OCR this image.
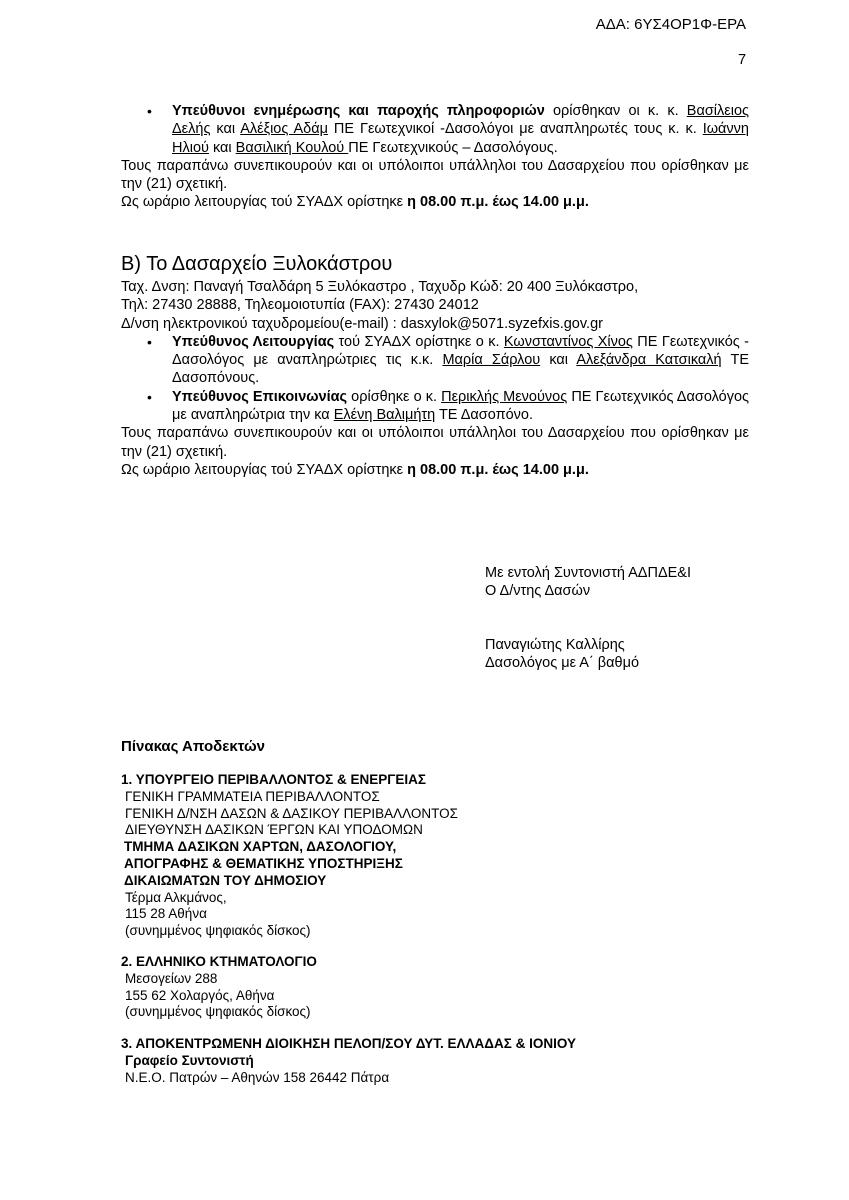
ΑΔΑ: 6ΥΣ4ΟΡ1Φ-ΕΡΑ
7
• Υπεύθυνοι ενημέρωσης και παροχής πληροφοριών ορίσθηκαν οι κ. κ. Βασίλειος Δελής και Αλέξιος Αδάμ ΠΕ Γεωτεχνικοί -Δασολόγοι με αναπληρωτές τους κ. κ. Ιωάννη Ηλιού και Βασιλική Κουλού ΠΕ Γεωτεχνικούς – Δασολόγους.
Τους παραπάνω συνεπικουρούν και οι υπόλοιποι υπάλληλοι του Δασαρχείου που ορίσθηκαν με την (21) σχετική.
Ως ωράριο λειτουργίας τού ΣΥΑΔΧ ορίστηκε η 08.00 π.μ. έως 14.00 μ.μ.
Β) Το Δασαρχείο Ξυλοκάστρου
Ταχ. Δνση: Παναγή Τσαλδάρη 5 Ξυλόκαστρο , Ταχυδρ Κώδ: 20 400 Ξυλόκαστρο,
Τηλ: 27430 28888, Τηλεομοιοτυπία (FAX): 27430 24012
Δ/νση ηλεκτρονικού ταχυδρομείου(e-mail) : dasxylok@5071.syzefxis.gov.gr
• Υπεύθυνος Λειτουργίας τού ΣΥΑΔΧ ορίστηκε ο κ. Κωνσταντίνος Χίνος ΠΕ Γεωτεχνικός - Δασολόγος με αναπληρώτριες τις κ.κ. Μαρία Σάρλου και Αλεξάνδρα Κατσικαλή ΤΕ Δασοπόνους.
• Υπεύθυνος Επικοινωνίας ορίσθηκε ο κ. Περικλής Μενούνος ΠΕ Γεωτεχνικός Δασολόγος με αναπληρώτρια την κα Ελένη Βαλιμήτη ΤΕ Δασοπόνο.
Τους παραπάνω συνεπικουρούν και οι υπόλοιποι υπάλληλοι του Δασαρχείου που ορίσθηκαν με την (21) σχετική.
Ως ωράριο λειτουργίας τού ΣΥΑΔΧ ορίστηκε η 08.00 π.μ. έως 14.00 μ.μ.
Με εντολή Συντονιστή ΑΔΠΔΕ&Ι
Ο Δ/ντης Δασών
Παναγιώτης Καλλίρης
Δασολόγος με Α΄ βαθμό
Πίνακας Αποδεκτών
1. ΥΠΟΥΡΓΕΙΟ ΠΕΡΙΒΑΛΛΟΝΤΟΣ & ΕΝΕΡΓΕΙΑΣ
ΓΕΝΙΚΗ ΓΡΑΜΜΑΤΕΙΑ ΠΕΡΙΒΑΛΛΟΝΤΟΣ
ΓΕΝΙΚΗ Δ/ΝΣΗ ΔΑΣΩΝ & ΔΑΣΙΚΟΥ ΠΕΡΙΒΑΛΛΟΝΤΟΣ
ΔΙΕΥΘΥΝΣΗ ΔΑΣΙΚΩΝ ΈΡΓΩΝ ΚΑΙ ΥΠΟΔΟΜΩΝ
ΤΜΗΜΑ ΔΑΣΙΚΩΝ ΧΑΡΤΩΝ, ΔΑΣΟΛΟΓΙΟΥ,
ΑΠΟΓΡΑΦΗΣ & ΘΕΜΑΤΙΚΗΣ ΥΠΟΣΤΗΡΙΞΗΣ
ΔΙΚΑΙΩΜΑΤΩΝ ΤΟΥ ΔΗΜΟΣΙΟΥ
Τέρμα Αλκμάνος,
115 28 Αθήνα
(συνημμένος ψηφιακός δίσκος)
2. ΕΛΛΗΝΙΚΟ ΚΤΗΜΑΤΟΛΟΓΙΟ
Μεσογείων 288
155 62 Χολαργός, Αθήνα
(συνημμένος ψηφιακός δίσκος)
3. ΑΠΟΚΕΝΤΡΩΜΕΝΗ ΔΙΟΙΚΗΣΗ ΠΕΛΟΠ/ΣΟΥ ΔΥΤ. ΕΛΛΑΔΑΣ & ΙΟΝΙΟΥ
Γραφείο Συντονιστή
Ν.Ε.Ο. Πατρών – Αθηνών 158 26442 Πάτρα
